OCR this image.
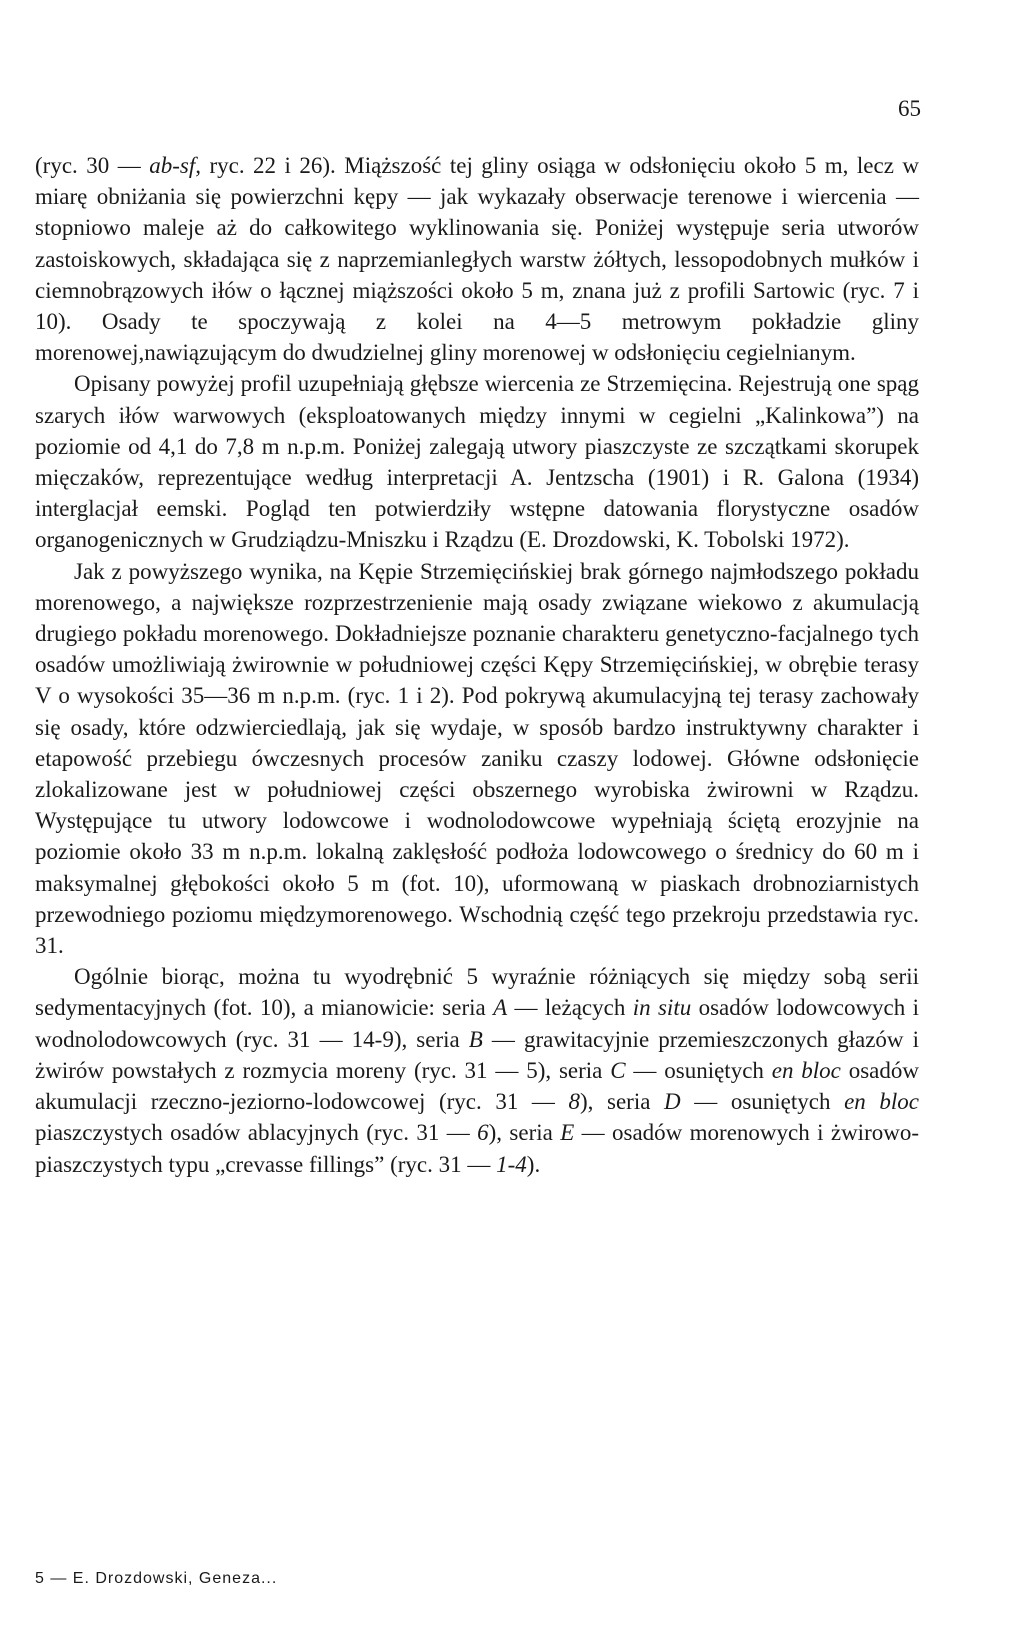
65

(ryc. 30 — ab-sf, ryc. 22 i 26). Miąższość tej gliny osiąga w odsłonięciu około 5 m, lecz w miarę obniżania się powierzchni kępy — jak wykazały obserwacje terenowe i wiercenia — stopniowo maleje aż do całkowitego wyklinowania się. Poniżej występuje seria utworów zastoiskowych, składająca się z naprzemianległych warstw żółtych, lessopodobnych mułków i ciemnobrązowych iłów o łącznej miąższości około 5 m, znana już z profili Sartowic (ryc. 7 i 10). Osady te spoczywają z kolei na 4—5 metrowym pokładzie gliny morenowej,nawiązującym do dwudzielnej gliny morenowej w odsłonięciu cegielnianym.

Opisany powyżej profil uzupełniają głębsze wiercenia ze Strzemięcina. Rejestrują one spąg szarych iłów warwowych (eksploatowanych między innymi w cegielni „Kalinkowa”) na poziomie od 4,1 do 7,8 m n.p.m. Poniżej zalegają utwory piaszczyste ze szczątkami skorupek mięczaków, reprezentujące według interpretacji A. Jentzscha (1901) i R. Galona (1934) interglacjał eemski. Pogląd ten potwierdziły wstępne datowania florystyczne osadów organogenicznych w Grudziądzu-Mniszku i Rządzu (E. Drozdowski, K. Tobolski 1972).

Jak z powyższego wynika, na Kępie Strzemięcińskiej brak górnego najmłodszego pokładu morenowego, a największe rozprzestrzenienie mają osady związane wiekowo z akumulacją drugiego pokładu morenowego. Dokładniejsze poznanie charakteru genetyczno-facjalnego tych osadów umożliwiają żwirownie w południowej części Kępy Strzemięcińskiej, w obrębie terasy V o wysokości 35—36 m n.p.m. (ryc. 1 i 2). Pod pokrywą akumulacyjną tej terasy zachowały się osady, które odzwierciedlają, jak się wydaje, w sposób bardzo instruktywny charakter i etapowość przebiegu ówczesnych procesów zaniku czaszy lodowej. Główne odsłonięcie zlokalizowane jest w południowej części obszernego wyrobiska żwirowni w Rządzu. Występujące tu utwory lodowcowe i wodnolodowcowe wypełniają ściętą erozyjnie na poziomie około 33 m n.p.m. lokalną zaklęsłość podłoża lodowcowego o średnicy do 60 m i maksymalnej głębokości około 5 m (fot. 10), uformowaną w piaskach drobnoziarnistych przewodniego poziomu międzymorenowego. Wschodnią część tego przekroju przedstawia ryc. 31.

Ogólnie biorąc, można tu wyodrębnić 5 wyraźnie różniących się między sobą serii sedymentacyjnych (fot. 10), a mianowicie: seria A — leżących in situ osadów lodowcowych i wodnolodowcowych (ryc. 31 — 14-9), seria B — grawitacyjnie przemieszczonych głazów i żwirów powstałych z rozmycia moreny (ryc. 31 — 5), seria C — osuniętych en bloc osadów akumulacji rzeczno-jeziorno-lodowcowej (ryc. 31 — 8), seria D — osuniętych en bloc piaszczystych osadów ablacyjnych (ryc. 31 — 6), seria E — osadów morenowych i żwirowo-piaszczystych typu „crevasse fillings” (ryc. 31 — 1-4).

5 — E. Drozdowski, Geneza...
